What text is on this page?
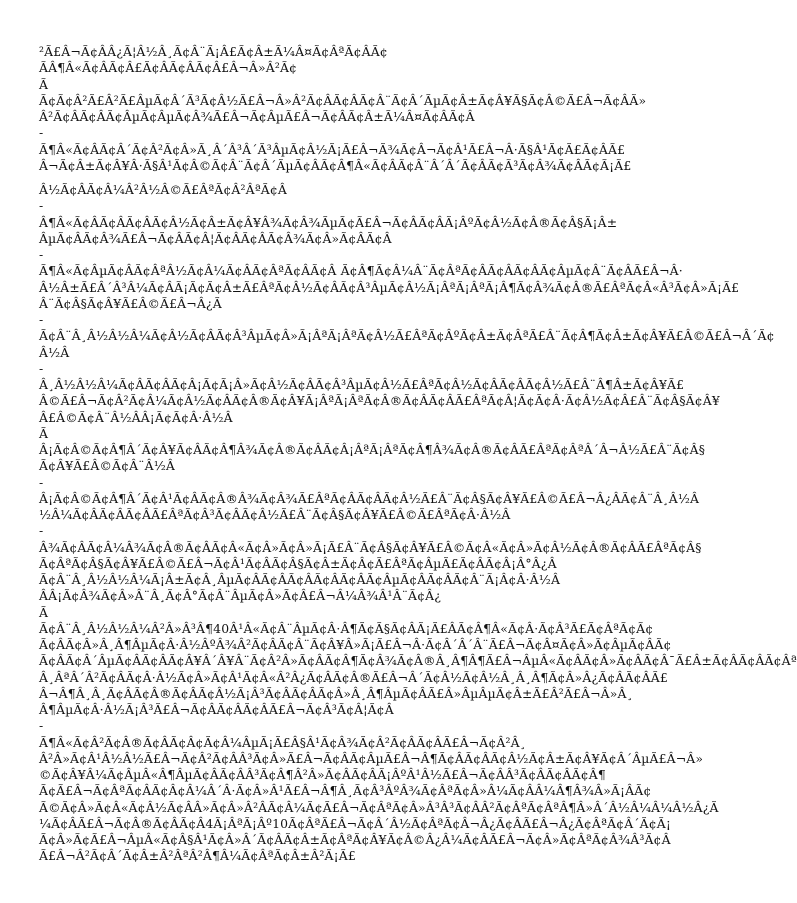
²Ã£Â¬Ã¢ÂÂ¿Ã¦Â½Â¸Ã¢Â¨Ã¡Â£Ã¢Â±Ã¼Â¤Ã¢ÂªÃ¢ÂÃ¢
ÃÂ¶Â«Ã¢ÂÃ¢Â£Ã¢ÂÃ¢ÂÃ¢Â£Â¬Â»Â²Ã¢
Ã
Ã¢Ã¢Â²Ã£Â²Ã£ÂµÃ¢Â´Ã³Ã¢Â½Ã£Â¬Â»Â²Ã¢ÂÃ¢ÂÃ¢Â¨Ã¢Â´ÃµÃ¢Â±Ã¢Â¥Ã§Ã¢Â©Ã£Â¬Ã¢ÂÃ»
Â²Ã¢ÂÃ¢ÂÃ¢ÂµÃ¢ÂµÃ¢Â¾Ã£Â¬Ã¢ÂµÃ£Â¬Ã¢ÂÃ¢Â±Ã¼Â¤Ã¢ÂÃ¢Â
-
Ã¶Â«Ã¢ÂÃ¢Â´Ã¢Â²Ã¢Â»Ã¸Â´Â³Â´Ã³ÂµÃ¢Â½Ã¡Ã£Â¬Ã¾Ã¢Â¬Ã¢Â¹Ã£Â¬Â·Ã§Â¹Ã¢Ã£Ã¢ÂÃ£
Â¬Ã¢Â±Ã¢Â¥Â·Ã§Â¹Ã¢Â©Ã¢Â¨Ã¢Â´ÃµÃ¢ÂÃ¢Â¶Â«Ã¢ÂÃ¢Â¨Â´Â´Ã¢ÂÃ¢Ã³Ã¢Â¾Ã¢ÂÃ¢Ã¡Ã£
Â½Ã¢ÂÃ¢Â¼Â²Â½Â©Ã£ÂªÃ¢Â²ÂªÃ¢Â
-
Â¶Â«Ã¢ÂÃ¢ÂÃ¢ÂÃ¢Â½Ã¢Â±Ã¢Â¥Â¾Ã¢Â¾ÃµÃ¢Ã£Â¬Ã¢ÂÃ¢ÂÃ¡ÂºÃ¢Â½Ã¢Â®Ã¢Â§Ã¡Â±
ÂµÃ¢ÂÃ¢Â¾Ã£Â¬Ã¢ÂÃ¢Â¦Ã¢ÂÃ¢ÂÃ¢Â¾Ã¢Â»Ã¢ÂÃ¢Â
-
Ã¶Â«Ã¢ÂµÃ¢ÂÃ¢ÂªÂ½Ã¢Â¼Ã¢ÂÃ¢ÂªÃ¢ÂÃ¢Â Ã¢Â¶Ã¢Â¼Â¨Ã¢ÂªÃ¢ÂÃ¢ÂÃ¢ÂÃ¢ÂµÃ¢Â¨Ã¢ÂÃ£Â¬Â·
Â½Â±Ã£Â´Â³Â¼Ã¢ÂÃ¡Ã¢Ã¢Â±Ã£ÂªÃ¢Â½Ã¢ÂÃ¢Â³ÂµÃ¢Â½Ã¡ÂªÃ¡ÂªÃ¡Â¶Ã¢Â¾Ã¢Â®Ã£ÂªÃ¢Â«Â³Ã¢Â»Ã¡Ã£
Â¨Ã¢Â§Ã¢Â¥Ã£Â©Ã£Â¬Â¿Ã
-
Ã¢Â¨Â¸Â½Â½Â¼Ã¢Â½Ã¢ÂÃ¢Â³ÂµÃ¢Â»Ã¡ÂªÃ¡ÂªÃ¢Â½Ã£ÂªÃ¢ÂºÃ¢Â±Ã¢ÂªÃ£Â¨Ã¢Â¶Ã¢Â±Ã¢Â¥Ã£Â©Ã£Â¬Â´Ã¢
Â½Â
-
Â¸Â½Â½Â¼Ã¢ÂÃ¢ÂÃ¢Â¡Ã¢Ã¡Â»Ã¢Â½Ã¢ÂÃ¢Â³ÂµÃ¢Â½Ã£ÂªÃ¢Â½Ã¢ÂÃ¢ÂÃ¢Â½Ã£Â¨Â¶Â±Ã¢Â¥Ã£
Â©Ã£Â¬Ã¢Â²Ã¢Â¼Ã¢Â½Ã¢ÂÃ¢Â®Ã¢Â¥Ã¡ÂªÃ¡ÂªÃ¢Â®Ã¢ÂÃ¢ÂÃ£ÂªÃ¢Â¦Ã¢Ã¢Â·Ã¢Â½Ã¢Â£Â¨Ã¢Â§Ã¢Â¥
Â£Â©Ã¢Â¨Â½ÂÂ¡Ã¢Ã¢Â·Â½Â
Ã
Â¡Ã¢Â©Ã¢Â¶Â´Ã¢Â¥Ã¢ÂÃ¢Â¶Â¾Ã¢Â®Ã¢ÂÃ¢Â¡ÂªÃ¡ÂªÃ¢Â¶Â¾Ã¢Â®Ã¢ÂÃ£ÂªÃ¢ÂªÂ´Â¬Â½Ã£Â¨Ã¢Â§
Ã¢Â¥Ã£Â©Ã¢Â¨Â½Â
-
Â¡Ã¢Â©Ã¢Â¶Â´Ã¢Â¹Ã¢ÂÃ¢Â®Â¾Ã¢Â¾Ã£ÂªÃ¢ÂÃ¢ÂÃ¢Â½Ã£Â¨Ã¢Â§Ã¢Â¥Ã£Â©Ã£Â¬Â¿ÂÃ¢Â¨Â¸Â½Â
½Â¼Ã¢ÂÃ¢ÂÃ¢ÂÃ£ÂªÃ¢Â³Ã¢ÂÃ¢Â½Ã£Â¨Ã¢Â§Ã¢Â¥Ã£Â©Ã£ÂªÃ¢Â·Â½Â
-
Â¾Ã¢ÂÃ¢Â¼Â¾Ã¢Â®Ã¢ÂÃ¢Â«Ã¢Â»Ã¢Â»Ã¡Ã£Â¨Ã¢Â§Ã¢Â¥Ã£Â©Ã¢Â«Ã¢Â»Ã¢Â½Ã¢Â®Ã¢ÂÃ£ÂªÃ¢Â§
Ã¢ÂªÃ¢Â§Ã¢Â¥Ã£Â©Ã£Â¬Ã¢Â¹Ã¢ÂÃ¢Â§Ã¢Â±Ã¢Â¢Ã£ÂªÃ¢ÂµÃ£Ã¢ÂÃ¢Â¡Â°Â¿Â
Ã¢Â¨Â¸Â½Â½Â¼Ã¡Â±Ã¢Â¸ÂµÃ¢ÂÃ¢ÂÃ¢ÂÃ¢ÂÃ¢ÂÃ¢ÂµÃ¢ÂÃ¢ÂÃ¢Â¨Ã¡Â¢Â·Â½Â
ÂÂ¡Ã¢Â¾Ã¢Â»Â¨Â¸Ã¢Â°Ã¢Â¨ÂµÃ¢Â»Ã¢Â£Â¬Â¼Â¾Â¹Â¨Ã¢Â¿
Ã
Ã¢Â¨Â¸Â½Â½Â¼Â²Â»Â³Â¶40Â¹Â«Ã¢Â¨ÂµÃ¢Â·Â¶Ã¢Ã§Ã¢ÂÃ¡Ã£ÂÃ¢Â¶Â«Ã¢Â·Ã¢Â³Ã£Ã¢ÂªÃ¢Ã¢
Ã¢ÂÃ¢Â»Â¸Â¶ÂµÃ¢Â·Â½ÂºÂ¾Â²Ã¢ÂÃ¢Â¨Ã¢Â¥Â»Ã¡Ã£Â¬Â·Ã¢Â´Â´Â¨Ã£Â¬Ã¢Â¤Ã¢Â»Ã¢ÂµÃ¢ÂÃ¢
Ã¢ÂÃ¢Â´ÂµÃ¢ÂÃ¢ÂÃ¢Â¥Â´Â¥Â¨Ã¢Â²Â»Ã¢ÂÃ¢Â¶Ã¢Â¾Ã¢Â®Â¸Â¶Â¶Ã£Â¬ÂµÂ«Ã¢ÂÃ¢Â»Ã¢ÂÃ¢Â¯Ã£Â±Ã¢ÂÃ¢ÂÃ¢Âª
Â¸ÂªÂ´Â²Ã¢ÂÃ¢Â·Â½Ã¢Â»Ã¢Â¹Ã¢Â«Â²Â¿Ã¢ÂÃ¢Â®Ã£Â¬Â´Ã¢Â½Ã¢Â½Â¸Â¸Â¶Ã¢Â»Â¿Ã¢ÂÃ¢ÂÃ£
Â¬Â¶Â¸Â¸Ã¢ÂÃ¢Â®Ã¢ÂÃ¢Â½Ã¡Â³Ã¢ÂÃ¢ÂÃ¢Â»Â¸Â¶ÂµÃ¢ÂÃ£Â»ÂµÂµÃ¢Â±Ã£Â²Ã£Â¬Â»Â¸
Â¶ÂµÃ¢Â·Â½Ã¡Â³Ã£Â¬Ã¢ÂÃ¢ÂÃ¢ÂÃ£Â¬Ã¢Â³Ã¢Â¦Ã¢Â
-
Ã¶Â«Ã¢Â²Ã¢Â®Ã¢ÂÃ¢Â¢Ã¢Â¼ÂµÃ¡Ã£Â§Â¹Ã¢Â¾Ã¢Â²Ã¢ÂÃ¢ÂÃ£Â¬Ã¢Â²Â¸
Â²Â»Ã¢Â¹Â½Â½Ã£Â¬Ã¢Â²Ã¢ÂÂ³Ã¢Â»Ã£Â¬Ã¢ÂÃ¢ÂµÃ£Â¬Â¶Ã¢ÂÃ¢ÂÃ¢Â½Ã¢Â±Ã¢Â¥Ã¢Â´ÂµÃ£Â¬Â»
©Ã¢Â¥Â¼Ã¢ÂµÂ«Â¶ÂµÃ¢ÂÃ¢ÂÂ³Ã¢Â¶Â²Â»Ã¢ÂÃ¢ÂÃ¡ÂºÂ¹Â½Ã£Â¬Ã¢ÂÂ³Ã¢ÂÃ¢ÂÃ¢Â¶
Ã¢Ã£Â¬Ã¢ÂªÃ¢ÂÃ¢Â¢Â¼Â´Â·Ã¢Â»Â¹Ã£Â¬Â¶Â¸Ã¢Â³ÂºÂ¾Ã¢ÂªÃ¢Â»Â¼Ã¢ÂÂ¼Â¶Â¾Â»Ã¡ÂÃ¢
Ã©Ã¢Â»Ã¢Â«Ã¢Â½Ã¢ÂÂ»Ã¢Â»Â²ÂÃ¢Â¼Ã¢Ã£Â¬Ã¢ÂªÃ¢Â»Â³Â³Ã¢ÂÂ²Ã¢ÂªÃ¢ÂªÂ¶Â»Â´Â½Â¼Â¼Â½Â¿Ã
¼Ã¢ÂÃ£Â¬Ã¢Â®Ã¢ÂÃ¢Â4Ã¡ÂªÃ¡Âº10Ã¢ÂªÃ£Â¬Ã¢Â´Â½Ã¢ÂªÃ¢Â¬Â¿Ã¢ÂÃ£Â¬Â¿Ã¢ÂªÃ¢Â´Ã¢Ã¡
Ã¢Â»Ã¢Ã£Â¬ÂµÂ«Ã¢Â§Â¹Ã¢Â»Â´Ã¢ÂÃ¢Â±Ã¢ÂªÃ¢Â¥Ã¢Â©Â¿Â¼Ã¢ÂÃ£Â¬Ã¢Â»Ã¢ÂªÃ¢Â¾Â³Ã¢Â
Ã£Â¬Â²Ã¢Â´Ã¢Â±Â²ÂªÂ²Â¶Â¼Ã¢ÂªÃ¢Â±Â²Ã¡Ã£
